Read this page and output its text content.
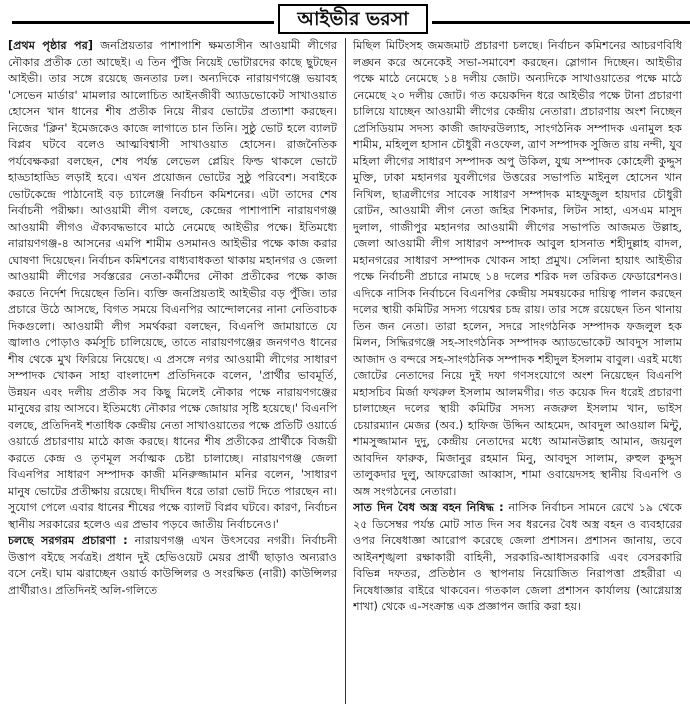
আইভীর ভরসা

[প্রথম পৃষ্ঠার পর] জনপ্রিয়তার পাশাপাশি ক্ষমতাসীন আওয়ামী লীগের নৌকার প্রতীক তো আছেই। এ তিন পুঁজি নিয়েই ভোটারদের কাছে ছুটছেন আইভী। তার সঙ্গে রয়েছে জনতার ঢল। অন্যদিকে নারায়ণগঞ্জে ভয়াবহ 'সেভেন মার্ডার' মামলার আলোচিত আইনজীবী অ্যাডভোকেট সাখাওয়াত হোসেন খান ধানের শীষ প্রতীক নিয়ে নীরব ভোটের প্রত্যাশা করছেন। নিজের 'ক্লিন' ইমেজকেও কাজে লাগাতে চান তিনি। সুষ্ঠু ভোট হলে ব্যালট বিপ্লব ঘটবে বলেও আত্মবিশ্বাসী সাখাওয়াত হোসেন। রাজনৈতিক পর্যবেক্ষকরা বলছেন, শেষ পর্যন্ত লেভেল প্লেয়িং ফিল্ড থাকলে ভোটে হাড্ডাহাড্ডি লড়াই হবে। এখন প্রয়োজন ভোটের সুষ্ঠু পরিবেশ। সবাইকে ভোটকেন্দ্রে পাঠানোই বড় চ্যালেঞ্জ নির্বাচন কমিশনের। এটা তাদের শেষ নির্বাচনী পরীক্ষা। আওয়ামী লীগ বলছে, কেন্দ্রের পাশাপাশি নারায়ণগঞ্জ আওয়ামী লীগও ঐক্যবদ্ধভাবে মাঠে নেমেছে আইভীর পক্ষে। ইতিমধ্যে নারায়ণগঞ্জ-৪ আসনের এমপি শামীম ওসমানও আইভীর পক্ষে কাজ করার ঘোষণা দিয়েছেন। নির্বাচন কমিশনের বাধ্যবাধকতা থাকায় মহানগর ও জেলা আওয়ামী লীগের সর্বস্তরের নেতা-কর্মীদের নৌকা প্রতীকের পক্ষে কাজ করতে নির্দেশ দিয়েছেন তিনি। ব্যক্তি জনপ্রিয়তাই আইভীর বড় পুঁজি। তার প্রচারে উঠে আসছে, বিগত সময়ে বিএনপির আন্দোলনের নানা নেতিবাচক দিকগুলো। আওয়ামী লীগ সমর্থকরা বলছেন, বিএনপি জামায়াতে যে জ্বালাও পোড়াও কর্মসূচি চালিয়েছে, তাতে নারায়ণগঞ্জের জনগণও ধানের শীষ থেকে মুখ ফিরিয়ে নিয়েছে। এ প্রসঙ্গে নগর আওয়ামী লীগের সাধারণ সম্পাদক খোকন সাহা বাংলাদেশ প্রতিদিনকে বলেন, 'প্রার্থীর ভাবমূর্তি, উন্নয়ন এবং দলীয় প্রতীক সব কিছু মিলেই নৌকার পক্ষে নারায়ণগঞ্জের মানুষের রায় আসবে। ইতিমধ্যে নৌকার পক্ষে জোয়ার সৃষ্টি হয়েছে।' বিএনপি বলছে, প্রতিদিনই শতাধিক কেন্দ্রীয় নেতা সাখাওয়াতের পক্ষে প্রতিটি ওয়ার্ডে ওয়ার্ডে প্রচারণায় মাঠে কাজ করছে। ধানের শীষ প্রতীকের প্রার্থীকে বিজয়ী করতে কেন্দ্র ও তৃণমূল সর্বাত্মক চেষ্টা চালাচ্ছে। নারায়ণগঞ্জ জেলা বিএনপির সাধারণ সম্পাদক কাজী মনিরুজ্জামান মনির বলেন, 'সাধারণ মানুষ ভোটের প্রতীক্ষায় রয়েছে। দীর্ঘদিন ধরে তারা ভোট দিতে পারছেন না। সুযোগ পেলে এবার ধানের শীষের পক্ষে ব্যালট বিপ্লব ঘটবে। কারণ, নির্বাচন স্থানীয় সরকারের হলেও এর প্রভাব পড়বে জাতীয় নির্বাচনেও।'

চলছে সরগরম প্রচারণা : নারায়ণগঞ্জ এখন উৎসবের নগরী। নির্বাচনী উত্তাপ বইছে সর্বত্রই। প্রধান দুই হেভিওয়েট মেয়র প্রার্থী ছাড়াও অন্যরাও বসে নেই। ঘাম ঝরাচ্ছেন ওয়ার্ড কাউন্সিলর ও সংরক্ষিত (নারী) কাউন্সিলর প্রার্থীরাও। প্রতিদিনই অলি-গলিতে

মিছিল মিটিংসহ জমজমাট প্রচারণা চলছে। নির্বাচন কমিশনের আচরণবিধি লঙ্ঘন করে অনেকেই সভা-সমাবেশ করছেন। স্লোগান দিচ্ছেন। আইভীর পক্ষে মাঠে নেমেছে ১৪ দলীয় জোট। অন্যদিকে সাখাওয়াতের পক্ষে মাঠে নেমেছে ২০ দলীয় জোট। গত কয়েকদিন ধরে আইভীর পক্ষে টানা প্রচারণা চালিয়ে যাচ্ছেন আওয়ামী লীগের কেন্দ্রীয় নেতারা। প্রচারণায় অংশ নিচ্ছেন প্রেসিডিয়াম সদস্য কাজী জাফরউল্যাহ, সাংগঠনিক সম্পাদক এনামুল হক শামীম, মহিলুল হাসান চৌধুরী নওফেল, ত্রাণ সম্পাদক সুজিত রায় নন্দী, যুব মহিলা লীগের সাধারণ সম্পাদক অপু উকিল, যুগ্ম সম্পাদক কোহেলী কুদ্দুস মুক্তি, ঢাকা মহানগর যুবলীগের উত্তরের সভাপতি মাইনুল হোসেন খান নিখিল, ছাত্রলীগের সাবেক সাধারণ সম্পাদক মাহফুজুল হায়দার চৌধুরী রোটন, আওয়ামী লীগ নেতা জহির শিকদার, লিটন সাহা, এসএম মাসুদ দুলাল, গাজীপুর মহানগর আওয়ামী লীগের সভাপতি আজমত উল্লাহ, জেলা আওয়ামী লীগ সাধারণ সম্পাদক আবুল হাসনাত শহীদুল্লাহ বাদল, মহানগরের সাধারণ সম্পাদক খোকন সাহা প্রমুখ। সেলিনা হায়াৎ আইভীর পক্ষে নির্বাচনী প্রচারে নামছে ১৪ দলের শরিক দল তরিকত ফেডারেশনও। এদিকে নাসিক নির্বাচনে বিএনপির কেন্দ্রীয় সমন্বয়কের দায়িত্ব পালন করছেন দলের স্থায়ী কমিটির সদস্য গয়েশ্বর চন্দ্র রায়। তার সঙ্গে রয়েছেন তিন থানায় তিন জন নেতা। তারা হলেন, সদরে সাংগঠনিক সম্পাদক ফজলুল হক মিলন, সিদ্ধিরগঞ্জে সহ-সাংগঠনিক সম্পাদক অ্যাডভোকেট আবদুস সালাম আজাদ ও বন্দরে সহ-সাংগঠনিক সম্পাদক শহীদুল ইসলাম বাবুল। এরই মধ্যে জোটের নেতাদের নিয়ে দুই দফা গণসংযোগে অংশ নিয়েছেন বিএনপি মহাসচিব মির্জা ফখরুল ইসলাম আলমগীর। গত কয়েক দিন ধরেই প্রচারণা চালাচ্ছেন দলের স্থায়ী কমিটির সদস্য নজরুল ইসলাম খান, ভাইস চেয়ারম্যান মেজর (অব.) হাফিজ উদ্দিন আহমেদ, আবদুল আওয়াল মিন্টু, শামসুজ্জামান দুদু, কেন্দ্রীয় নেতাদের মধ্যে আমানউল্লাহ আমান, জয়নুল আবদিন ফারুক, মিজানুর রহমান মিনু, আবদুস সালাম, রুহুল কুদ্দুস তালুকদার দুলু, আফরোজা আব্বাস, শামা ওবায়েদসহ স্থানীয় বিএনপি ও অঙ্গ সংগঠনের নেতারা।

সাত দিন বৈধ অস্ত্র বহন নিষিদ্ধ : নাসিক নির্বাচন সামনে রেখে ১৯ থেকে ২৫ ডিসেম্বর পর্যন্ত মোট সাত দিন সব ধরনের বৈধ অস্ত্র বহন ও ব্যবহারের ওপর নিষেধাজ্ঞা আরোপ করেছে জেলা প্রশাসন। প্রশাসন জানায়, তবে আইনশৃঙ্খলা রক্ষাকারী বাহিনী, সরকারি-আধাসরকারি এবং বেসরকারি বিভিন্ন দফতর, প্রতিষ্ঠান ও স্থাপনায় নিয়োজিত নিরাপত্তা প্রহরীরা এ নিষেধাজ্ঞার বাইরে থাকবেন। গতকাল জেলা প্রশাসন কার্যালয় (আগ্নেয়াস্ত্র শাখা) থেকে এ-সংক্রান্ত এক প্রজ্ঞাপন জারি করা হয়।
